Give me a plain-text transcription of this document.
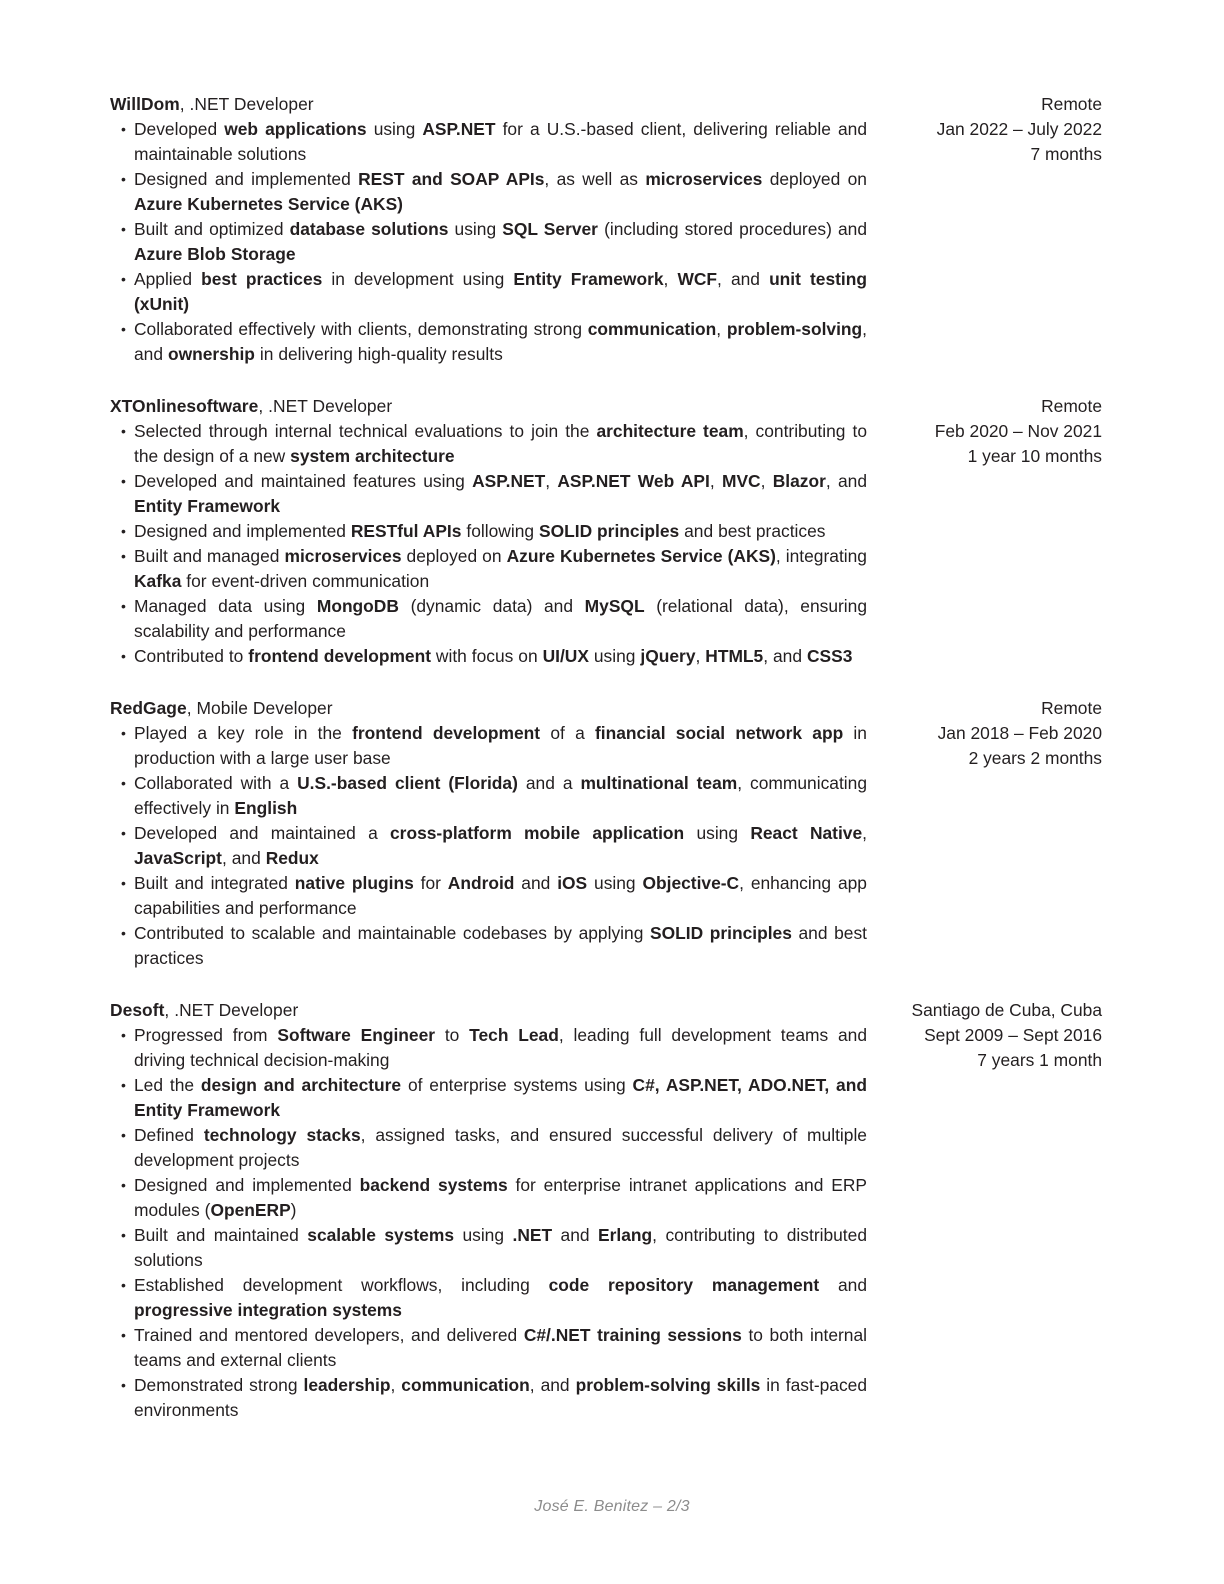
WillDom, .NET Developer
• Developed web applications using ASP.NET for a U.S.-based client, delivering reliable and maintainable solutions
• Designed and implemented REST and SOAP APIs, as well as microservices deployed on Azure Kubernetes Service (AKS)
• Built and optimized database solutions using SQL Server (including stored procedures) and Azure Blob Storage
• Applied best practices in development using Entity Framework, WCF, and unit testing (xUnit)
• Collaborated effectively with clients, demonstrating strong communication, problem-solving, and ownership in delivering high-quality results
Remote
Jan 2022 – July 2022
7 months
XTOnlinesoftware, .NET Developer
• Selected through internal technical evaluations to join the architecture team, contributing to the design of a new system architecture
• Developed and maintained features using ASP.NET, ASP.NET Web API, MVC, Blazor, and Entity Framework
• Designed and implemented RESTful APIs following SOLID principles and best practices
• Built and managed microservices deployed on Azure Kubernetes Service (AKS), integrating Kafka for event-driven communication
• Managed data using MongoDB (dynamic data) and MySQL (relational data), ensuring scalability and performance
• Contributed to frontend development with focus on UI/UX using jQuery, HTML5, and CSS3
Remote
Feb 2020 – Nov 2021
1 year 10 months
RedGage, Mobile Developer
• Played a key role in the frontend development of a financial social network app in production with a large user base
• Collaborated with a U.S.-based client (Florida) and a multinational team, communicating effectively in English
• Developed and maintained a cross-platform mobile application using React Native, JavaScript, and Redux
• Built and integrated native plugins for Android and iOS using Objective-C, enhancing app capabilities and performance
• Contributed to scalable and maintainable codebases by applying SOLID principles and best practices
Remote
Jan 2018 – Feb 2020
2 years 2 months
Desoft, .NET Developer
• Progressed from Software Engineer to Tech Lead, leading full development teams and driving technical decision-making
• Led the design and architecture of enterprise systems using C#, ASP.NET, ADO.NET, and Entity Framework
• Defined technology stacks, assigned tasks, and ensured successful delivery of multiple development projects
• Designed and implemented backend systems for enterprise intranet applications and ERP modules (OpenERP)
• Built and maintained scalable systems using .NET and Erlang, contributing to distributed solutions
• Established development workflows, including code repository management and progressive integration systems
• Trained and mentored developers, and delivered C#/.NET training sessions to both internal teams and external clients
• Demonstrated strong leadership, communication, and problem-solving skills in fast-paced environments
Santiago de Cuba, Cuba
Sept 2009 – Sept 2016
7 years 1 month
José E. Benitez – 2/3
